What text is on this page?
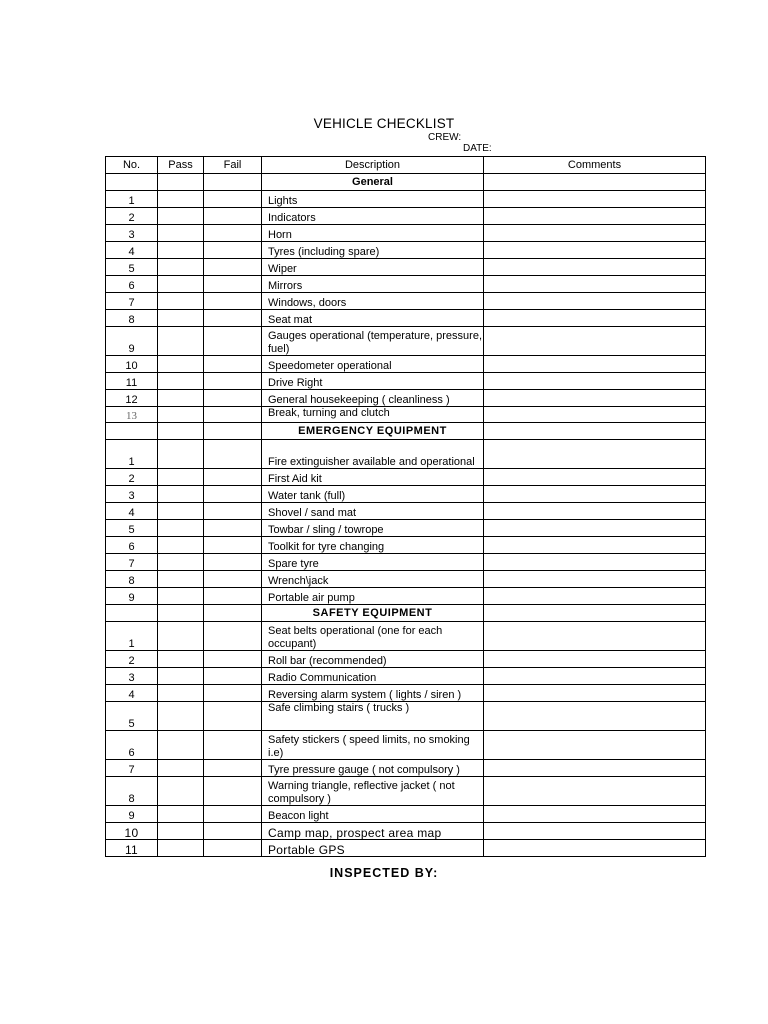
VEHICLE CHECKLIST
CREW:
DATE:
No.	Pass	Fail	Description	Comments
			General	
1			Lights	
2			Indicators	
3			Horn	
4			Tyres (including spare)	
5			Wiper	
6			Mirrors	
7			Windows, doors	
8			Seat mat	
9			Gauges operational (temperature, pressure, fuel)	
10			Speedometer operational	
11			Drive Right	
12			General housekeeping ( cleanliness )	
13			Break, turning and clutch	
			EMERGENCY EQUIPMENT	
1			Fire extinguisher available and operational	
2			First Aid kit	
3			Water tank (full)	
4			Shovel / sand mat	
5			Towbar / sling / towrope	
6			Toolkit for tyre changing	
7			Spare tyre	
8			Wrench\jack	
9			Portable air pump	
			SAFETY EQUIPMENT	
1			Seat belts operational (one for each occupant)	
2			Roll bar (recommended)	
3			Radio Communication	
4			Reversing alarm system ( lights / siren )	
5			Safe climbing stairs ( trucks )	
6			Safety stickers ( speed limits, no smoking i.e)	
7			Tyre pressure gauge ( not compulsory )	
8			Warning triangle, reflective jacket ( not compulsory )	
9			Beacon light	
10			Camp map, prospect area map	
11			Portable GPS	
INSPECTED BY:
